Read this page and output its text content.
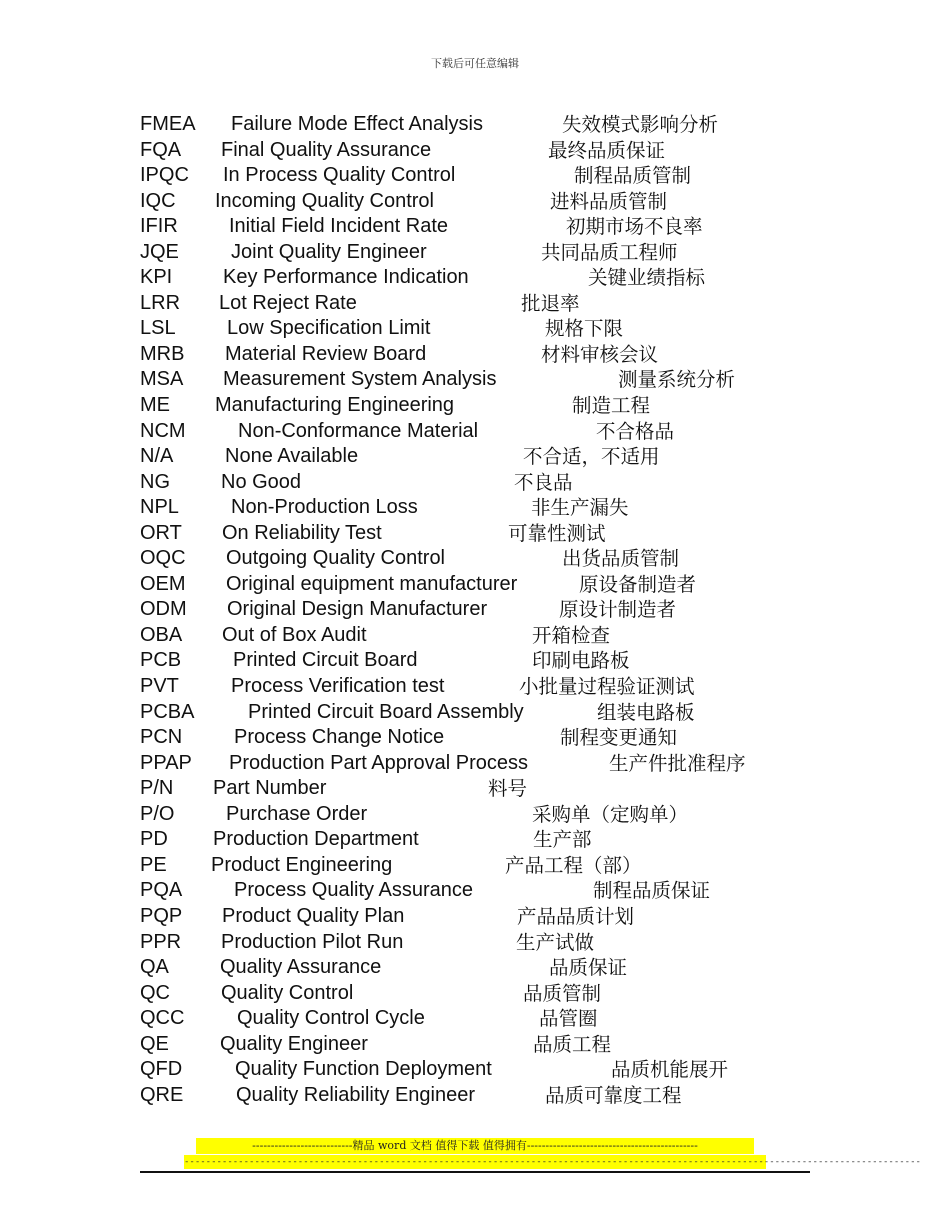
下载后可任意编辑
FMEA Failure Mode Effect Analysis	失效模式影响分析
FQA Final Quality Assurance	最终品质保证
IPQC In Process Quality Control	制程品质管制
IQC Incoming Quality Control	进料品质管制
IFIR	Initial Field Incident Rate	初期市场不良率
JQE	Joint Quality Engineer	共同品质工程师
KPI	Key Performance Indication	关键业绩指标
LRR Lot Reject Rate	批退率
LSL	Low Specification Limit	规格下限
MRB Material Review Board	材料审核会议
MSA Measurement System Analysis	测量系统分析
ME Manufacturing Engineering	制造工程
NCM	Non-Conformance Material	不合格品
N/A	None Available	不合适，不适用
NG	No Good	不良品
NPL	Non-Production Loss	非生产漏失
ORT On Reliability Test	可靠性测试
OQC Outgoing Quality Control	出货品质管制
OEM Original equipment manufacturer	原设备制造者
ODM Original Design Manufacturer	原设计制造者
OBA Out of Box Audit	开箱检查
PCB	Printed Circuit Board	印刷电路板
PVT	Process Verification test	小批量过程验证测试
PCBA	Printed Circuit Board Assembly	组装电路板
PCN	Process Change Notice	制程变更通知
PPAP Production Part Approval Process	生产件批准程序
P/N Part Number	料号
P/O	Purchase Order	采购单（定购单）
PD Production Department	生产部
PE Product Engineering	产品工程（部）
PQA	Process Quality Assurance	制程品质保证
PQP Product Quality Plan	产品品质计划
PPR Production Pilot Run	生产试做
QA	Quality Assurance	品质保证
QC	Quality Control	品质管制
QCC	Quality Control Cycle	品管圈
QE	Quality Engineer	品质工程
QFD	Quality Function Deployment	品质机能展开
QRE	Quality Reliability Engineer	品质可靠度工程
---------------------------精品 word 文档 值得下载 值得拥有----------------------------------------------
----------------------------------------------------------------------------------------------------------------------------------------
